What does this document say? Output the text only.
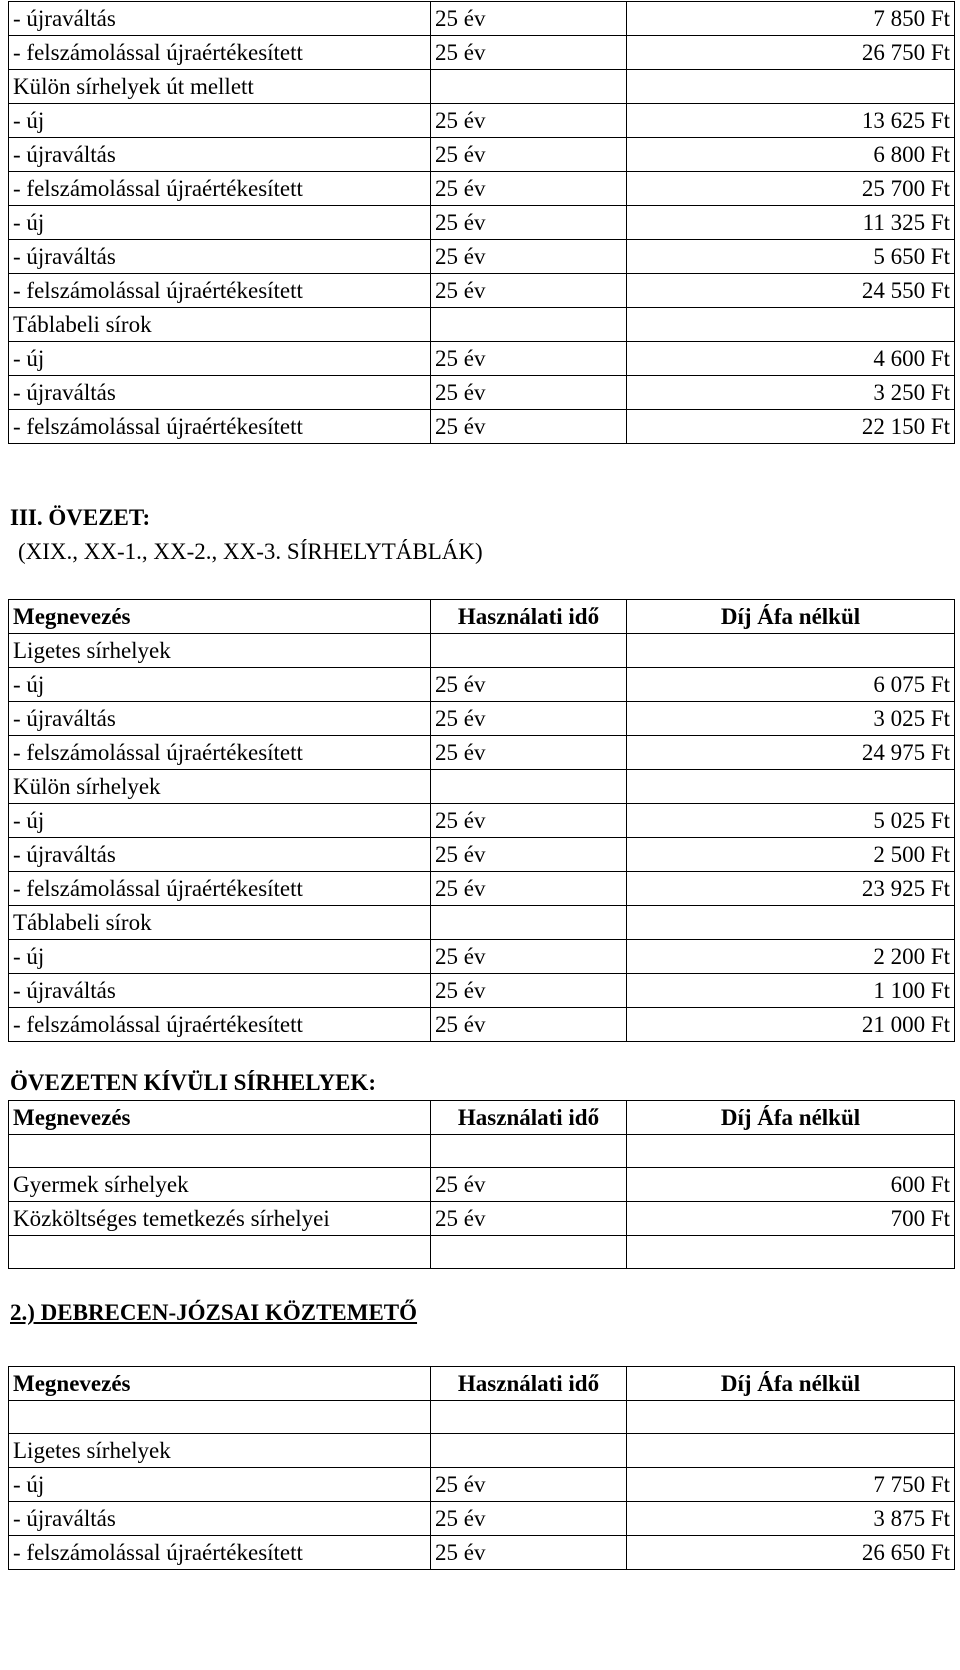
- újraváltás	25 év	7 850 Ft
- felszámolással újraértékesített	25 év	26 750 Ft
Külön sírhelyek út mellett		
- új	25 év	13 625 Ft
- újraváltás	25 év	6 800 Ft
- felszámolással újraértékesített	25 év	25 700 Ft
- új	25 év	11 325 Ft
- újraváltás	25 év	5 650 Ft
- felszámolással újraértékesített	25 év	24 550 Ft
Táblabeli sírok		
- új	25 év	4 600 Ft
- újraváltás	25 év	3 250 Ft
- felszámolással újraértékesített	25 év	22 150 Ft
III. ÖVEZET:
(XIX., XX-1., XX-2., XX-3. SÍRHELYTÁBLÁK)
Megnevezés	Használati idő	Díj Áfa nélkül
Ligetes sírhelyek		
- új	25 év	6 075 Ft
- újraváltás	25 év	3 025 Ft
- felszámolással újraértékesített	25 év	24 975 Ft
Külön sírhelyek		
- új	25 év	5 025 Ft
- újraváltás	25 év	2 500 Ft
- felszámolással újraértékesített	25 év	23 925 Ft
Táblabeli sírok		
- új	25 év	2 200 Ft
- újraváltás	25 év	1 100 Ft
- felszámolással újraértékesített	25 év	21 000 Ft
ÖVEZETEN KÍVÜLI SÍRHELYEK:
Megnevezés	Használati idő	Díj Áfa nélkül

Gyermek sírhelyek	25 év	600 Ft
Közköltséges temetkezés sírhelyei	25 év	700 Ft

2.) DEBRECEN-JÓZSAI KÖZTEMETŐ
Megnevezés	Használati idő	Díj Áfa nélkül

Ligetes sírhelyek		
- új	25 év	7 750 Ft
- újraváltás	25 év	3 875 Ft
- felszámolással újraértékesített	25 év	26 650 Ft
